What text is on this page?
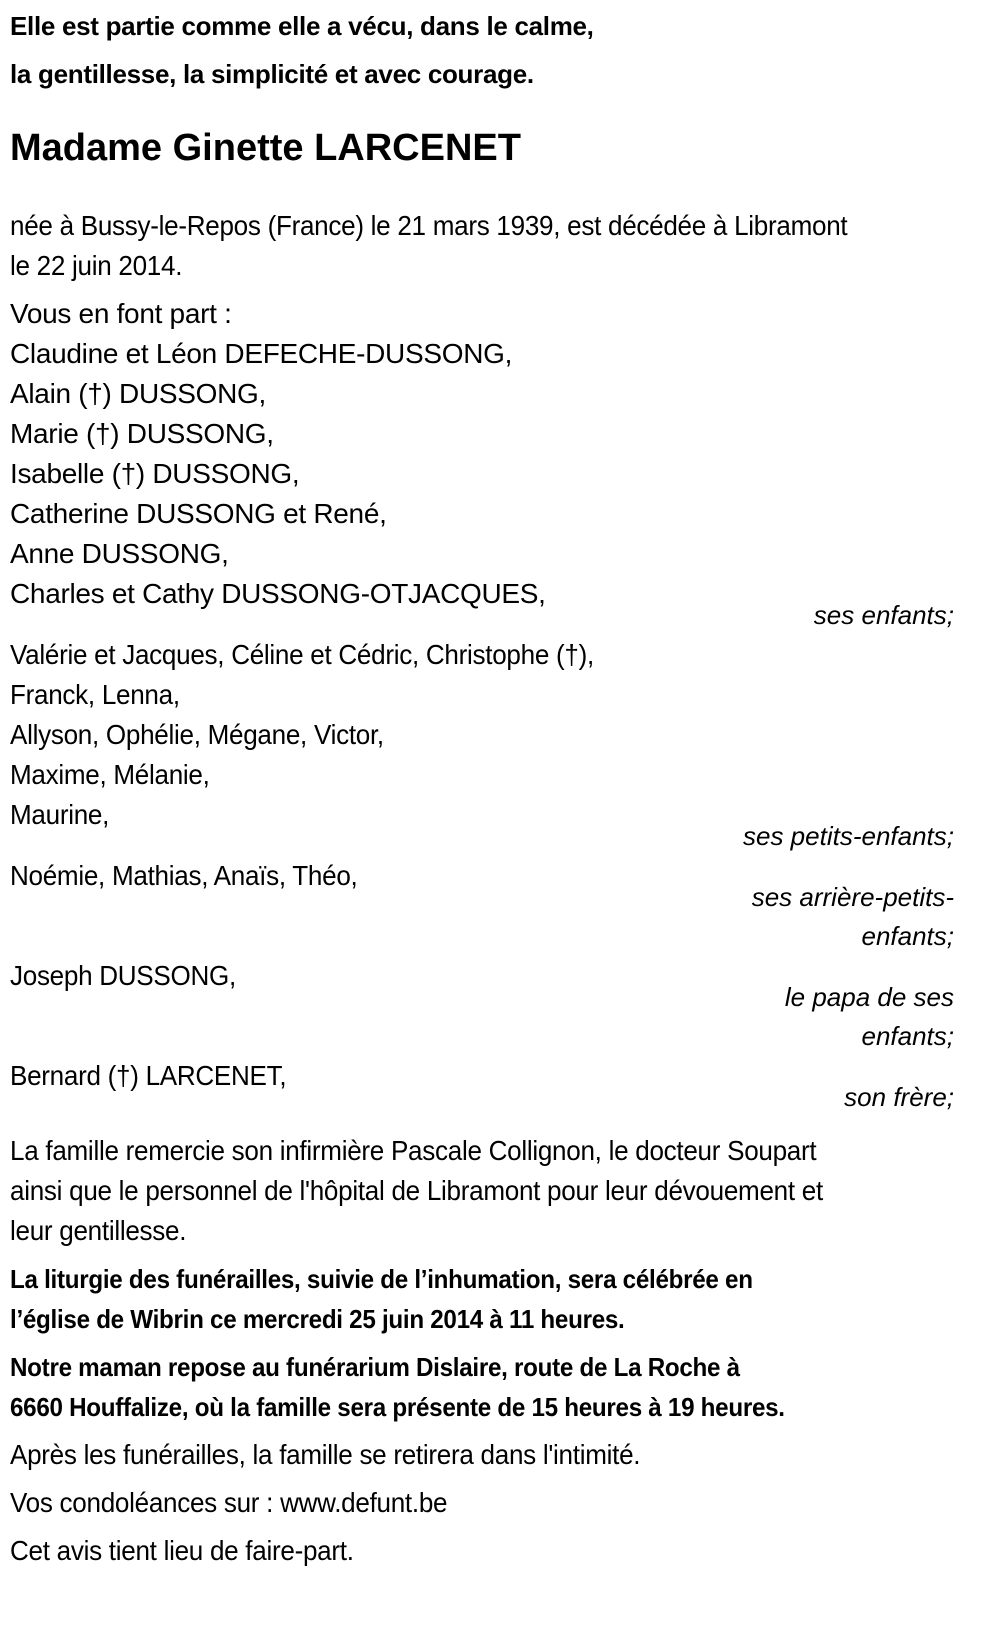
Elle est partie comme elle a vécu, dans le calme,
la gentillesse, la simplicité et avec courage.
Madame Ginette LARCENET
née à Bussy-le-Repos (France) le 21 mars 1939, est décédée à Libramont
le 22 juin 2014.
Vous en font part :
Claudine et Léon DEFECHE-DUSSONG,
Alain (†) DUSSONG,
Marie (†) DUSSONG,
Isabelle (†) DUSSONG,
Catherine DUSSONG et René,
Anne DUSSONG,
Charles et Cathy DUSSONG-OTJACQUES,
ses enfants;
Valérie et Jacques, Céline et Cédric, Christophe (†),
Franck, Lenna,
Allyson, Ophélie, Mégane, Victor,
Maxime, Mélanie,
Maurine,
ses petits-enfants;
Noémie, Mathias, Anaïs, Théo,
ses arrière-petits-
enfants;
Joseph DUSSONG,
le papa de ses
enfants;
Bernard (†) LARCENET,
son frère;
La famille remercie son infirmière Pascale Collignon, le docteur Soupart
ainsi que le personnel de l'hôpital de Libramont pour leur dévouement et
leur gentillesse.
La liturgie des funérailles, suivie de l’inhumation, sera célébrée en
l’église de Wibrin ce mercredi 25 juin 2014 à 11 heures.
Notre maman repose au funérarium Dislaire, route de La Roche à
6660 Houffalize, où la famille sera présente de 15 heures à 19 heures.
Après les funérailles, la famille se retirera dans l'intimité.
Vos condoléances sur : www.defunt.be
Cet avis tient lieu de faire-part.
